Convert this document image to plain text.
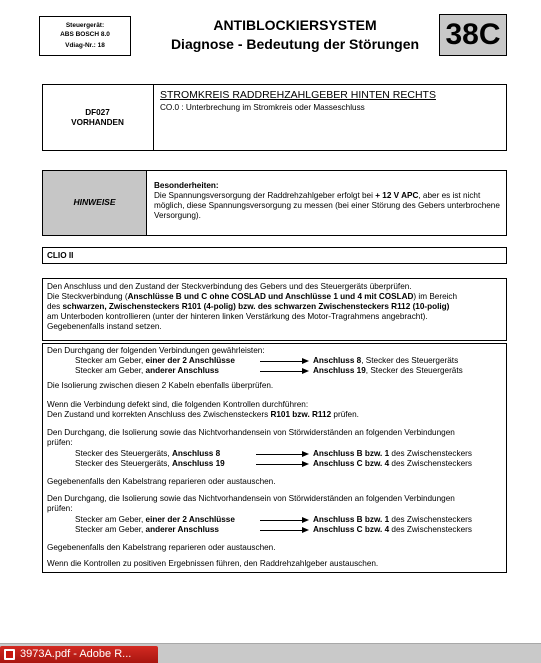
Steuergerät:
ABS BOSCH 8.0
Vdiag-Nr.: 18
ANTIBLOCKIERSYSTEM
Diagnose - Bedeutung der Störungen 38C
DF027
VORHANDEN
STROMKREIS RADDREHZAHLGEBER HINTEN RECHTS
CO.0 : Unterbrechung im Stromkreis oder Masseschluss
HINWEISE
Besonderheiten:
Die Spannungsversorgung der Raddrehzahlgeber erfolgt bei + 12 V APC, aber es ist nicht möglich, diese Spannungsversorgung zu messen (bei einer Störung des Gebers unterbrochene Versorgung).
CLIO II
Den Anschluss und den Zustand der Steckverbindung des Gebers und des Steuergeräts überprüfen.
Die Steckverbindung (Anschlüsse B und C ohne COSLAD und Anschlüsse 1 und 4 mit COSLAD) im Bereich
des schwarzen, Zwischensteckers R101 (4-polig) bzw. des schwarzen Zwischensteckers R112 (10-polig)
am Unterboden kontrollieren (unter der hinteren linken Verstärkung des Motor-Tragrahmens angebracht).
Gegebenenfalls instand setzen.
Den Durchgang der folgenden Verbindungen gewährleisten:
Stecker am Geber, einer der 2 Anschlüsse	Anschluss 8, Stecker des Steuergeräts
Stecker am Geber, anderer Anschluss	Anschluss 19, Stecker des Steuergeräts
Die Isolierung zwischen diesen 2 Kabeln ebenfalls überprüfen.
Wenn die Verbindung defekt sind, die folgenden Kontrollen durchführen:
Den Zustand und korrekten Anschluss des Zwischensteckers R101 bzw. R112 prüfen.
Den Durchgang, die Isolierung sowie das Nichtvorhandensein von Störwiderständen an folgenden Verbindungen
prüfen:
Stecker des Steuergeräts, Anschluss 8	Anschluss B bzw. 1 des Zwischensteckers
Stecker des Steuergeräts, Anschluss 19	Anschluss C bzw. 4 des Zwischensteckers
Gegebenenfalls den Kabelstrang reparieren oder austauschen.
Den Durchgang, die Isolierung sowie das Nichtvorhandensein von Störwiderständen an folgenden Verbindungen
prüfen:
Stecker am Geber, einer der 2 Anschlüsse	Anschluss B bzw. 1 des Zwischensteckers
Stecker am Geber, anderer Anschluss	Anschluss C bzw. 4 des Zwischensteckers
Gegebenenfalls den Kabelstrang reparieren oder austauschen.
Wenn die Kontrollen zu positiven Ergebnissen führen, den Raddrehzahlgeber austauschen.
3973A.pdf - Adobe R...
